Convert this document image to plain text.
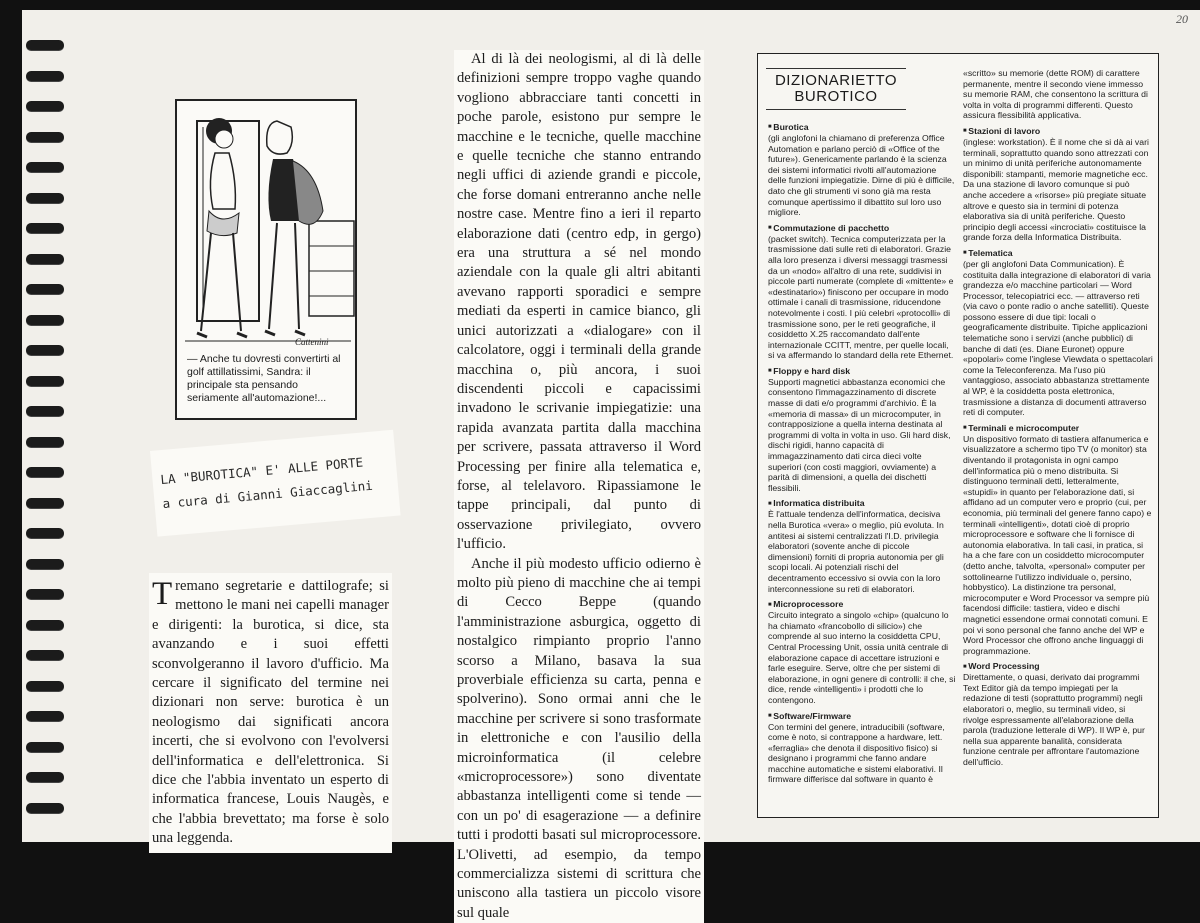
20
Cattenini
— Anche tu dovresti convertirti al golf attillatissimi, Sandra: il principale sta pensando seriamente all'automazione!...
LA "BUROTICA" E' ALLE PORTE
a cura di Gianni Giaccaglini
Tremano segretarie e dattilografe; si mettono le mani nei capelli manager e dirigenti: la burotica, si dice, sta avanzando e i suoi effetti sconvolgeranno il lavoro d'ufficio. Ma cercare il significato del termine nei dizionari non serve: burotica è un neologismo dai significati ancora incerti, che si evolvono con l'evolversi dell'informatica e dell'elettronica. Si dice che l'abbia inventato un esperto di informatica francese, Louis Naugès, e che l'abbia brevettato; ma forse è solo una leggenda.

Al di là dei neologismi, al di là delle definizioni sempre troppo vaghe quando vogliono abbracciare tanti concetti in poche parole, esistono pur sempre le macchine e le tecniche, quelle macchine e quelle tecniche che stanno entrando negli uffici di aziende grandi e piccole, che forse domani entreranno anche nelle nostre case. Mentre fino a ieri il reparto elaborazione dati (centro edp, in gergo) era una struttura a sé nel mondo aziendale con la quale gli altri abitanti avevano rapporti sporadici e sempre mediati da esperti in camice bianco, gli unici autorizzati a «dialogare» con il calcolatore, oggi i terminali della grande macchina o, più ancora, i suoi discendenti piccoli e capacissimi invadono le scrivanie impiegatizie: una rapida avanzata partita dalla macchina per scrivere, passata attraverso il Word Processing per finire alla telematica e, forse, al telelavoro. Ripassiamone le tappe principali, dal punto di osservazione privilegiato, ovvero l'ufficio.

Anche il più modesto ufficio odierno è molto più pieno di macchine che ai tempi di Cecco Beppe (quando l'amministrazione asburgica, oggetto di nostalgico rimpianto proprio l'anno scorso a Milano, basava la sua proverbiale efficienza su carta, penna e spolverino). Sono ormai anni che le macchine per scrivere si sono trasformate in elettroniche e con l'ausilio della microinformatica (il celebre «microprocessore») sono diventate abbastanza intelligenti come si tende — con un po' di esagerazione — a definire tutti i prodotti basati sul microprocessore. L'Olivetti, ad esempio, da tempo commercializza sistemi di scrittura che uniscono alla tastiera un piccolo visore sul quale

DIZIONARIETTO
BUROTICO
■ Burotica
(gli anglofoni la chiamano di preferenza Office Automation e parlano perciò di «Office of the future»). Genericamente parlando è la scienza dei sistemi informatici rivolti all'automazione delle funzioni impiegatizie. Dirne di più è difficile, dato che gli strumenti vi sono già ma resta comunque apertissimo il dibattito sul loro uso migliore.
■ Commutazione di pacchetto
(packet switch). Tecnica computerizzata per la trasmissione dati sulle reti di elaboratori. Grazie alla loro presenza i diversi messaggi trasmessi da un «nodo» all'altro di una rete, suddivisi in piccole parti numerate (complete di «mittente» e «destinatario») finiscono per occupare in modo ottimale i canali di trasmissione, riducendone notevolmente i costi. I più celebri «protocolli» di trasmissione sono, per le reti geografiche, il cosiddetto X.25 raccomandato dall'ente internazionale CCITT, mentre, per quelle locali, si va affermando lo standard della rete Ethernet.
■ Floppy e hard disk
Supporti magnetici abbastanza economici che consentono l'immagazzinamento di discrete masse di dati e/o programmi d'archivio. È la «memoria di massa» di un microcomputer, in contrapposizione a quella interna destinata al programmi di volta in volta in uso. Gli hard disk, dischi rigidi, hanno capacità di immagazzinamento dati circa dieci volte superiori (con costi maggiori, ovviamente) a parità di dimensioni, a quella dei dischetti flessibili.
■ Informatica distribuita
È l'attuale tendenza dell'informatica, decisiva nella Burotica «vera» o meglio, più evoluta. In antitesi ai sistemi centralizzati l'I.D. privilegia elaboratori (sovente anche di piccole dimensioni) forniti di propria autonomia per gli scopi locali. Ai potenziali rischi del decentramento eccessivo si ovvia con la loro interconnessione su reti di elaboratori.
■ Microprocessore
Circuito integrato a singolo «chip» (qualcuno lo ha chiamato «francobollo di silicio») che comprende al suo interno la cosiddetta CPU, Central Processing Unit, ossia unità centrale di elaborazione capace di accettare istruzioni e farle eseguire. Serve, oltre che per sistemi di elaborazione, in ogni genere di controlli: il che, si dice, rende «intelligenti» i prodotti che lo contengono.
■ Software/Firmware
Con termini del genere, intraducibili (software, come è noto, si contrappone a hardware, lett. «ferraglia» che denota il dispositivo fisico) si designano i programmi che fanno andare macchine automatiche e sistemi elaborativi. Il firmware differisce dal software in quanto è
«scritto» su memorie (dette ROM) di carattere permanente, mentre il secondo viene immesso su memorie RAM, che consentono la scrittura di volta in volta di programmi differenti. Questo assicura flessibilità applicativa.
■ Stazioni di lavoro
(inglese: workstation). È il nome che si dà ai vari terminali, soprattutto quando sono attrezzati con un minimo di unità periferiche autonomamente disponibili: stampanti, memorie magnetiche ecc. Da una stazione di lavoro comunque si può anche accedere a «risorse» più pregiate situate altrove e questo sia in termini di potenza elaborativa sia di unità periferiche. Questo principio degli accessi «incrociati» costituisce la grande forza della Informatica Distribuita.
■ Telematica
(per gli anglofoni Data Communication). È costituita dalla integrazione di elaboratori di varia grandezza e/o macchine particolari — Word Processor, telecopiatrici ecc. — attraverso reti (via cavo o ponte radio o anche satelliti). Queste possono essere di due tipi: locali o geograficamente distribuite. Tipiche applicazioni telematiche sono i servizi (anche pubblici) di banche di dati (es. Diane Euronet) oppure «popolari» come l'inglese Viewdata o spettacolari come la Teleconferenza. Ma l'uso più vantaggioso, associato abbastanza strettamente al WP, è la cosiddetta posta elettronica, trasmissione a distanza di documenti attraverso reti di computer.
■ Terminali e microcomputer
Un dispositivo formato di tastiera alfanumerica e visualizzatore a schermo tipo TV (o monitor) sta diventando il protagonista in ogni campo dell'informatica più o meno distribuita. Si distinguono terminali detti, letteralmente, «stupidi» in quanto per l'elaborazione dati, si affidano ad un computer vero e proprio (cui, per economia, più terminali del genere fanno capo) e terminali «intelligenti», dotati cioè di proprio microprocessore e software che li fornisce di autonomia elaborativa. In tali casi, in pratica, si ha a che fare con un cosiddetto microcomputer (detto anche, talvolta, «personal» computer per sottolinearne l'utilizzo individuale o, persino, hobbystico). La distinzione tra personal, microcomputer e Word Processor va sempre più facendosi difficile: tastiera, video e dischi magnetici essendone ormai connotati comuni. E poi vi sono personal che fanno anche del WP e Word Processor che offrono anche linguaggi di programmazione.
■ Word Processing
Direttamente, o quasi, derivato dai programmi Text Editor già da tempo impiegati per la redazione di testi (soprattutto programmi) negli elaboratori o, meglio, su terminali video, si rivolge espressamente all'elaborazione della parola (traduzione letterale di WP). Il WP è, pur nella sua apparente banalità, considerata funzione centrale per affrontare l'automazione dell'ufficio.
